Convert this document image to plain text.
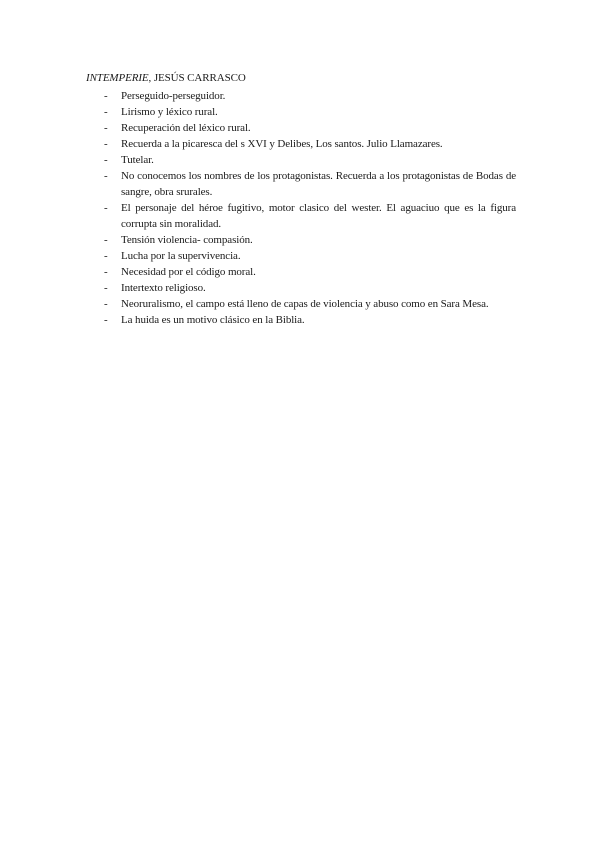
INTEMPERIE, JESÚS CARRASCO

-	Perseguido-perseguidor.
-	Lirismo y léxico rural.
-	Recuperación del léxico rural.
-	Recuerda a la picaresca del s XVI y Delibes, Los santos. Julio Llamazares.
-	Tutelar.
-	No conocemos los nombres de los protagonistas. Recuerda a los protagonistas de Bodas de sangre, obra srurales.
-	El personaje del héroe fugitivo, motor clasico del wester. El aguaciuo que es la figura corrupta sin moralidad.
-	Tensión violencia- compasión.
-	Lucha por la supervivencia.
-	Necesidad por el código moral.
-	Intertexto religioso.
-	Neoruralismo, el campo está lleno de capas de violencia y abuso como en Sara Mesa.
-	La huida es un motivo clásico en la Biblia.
